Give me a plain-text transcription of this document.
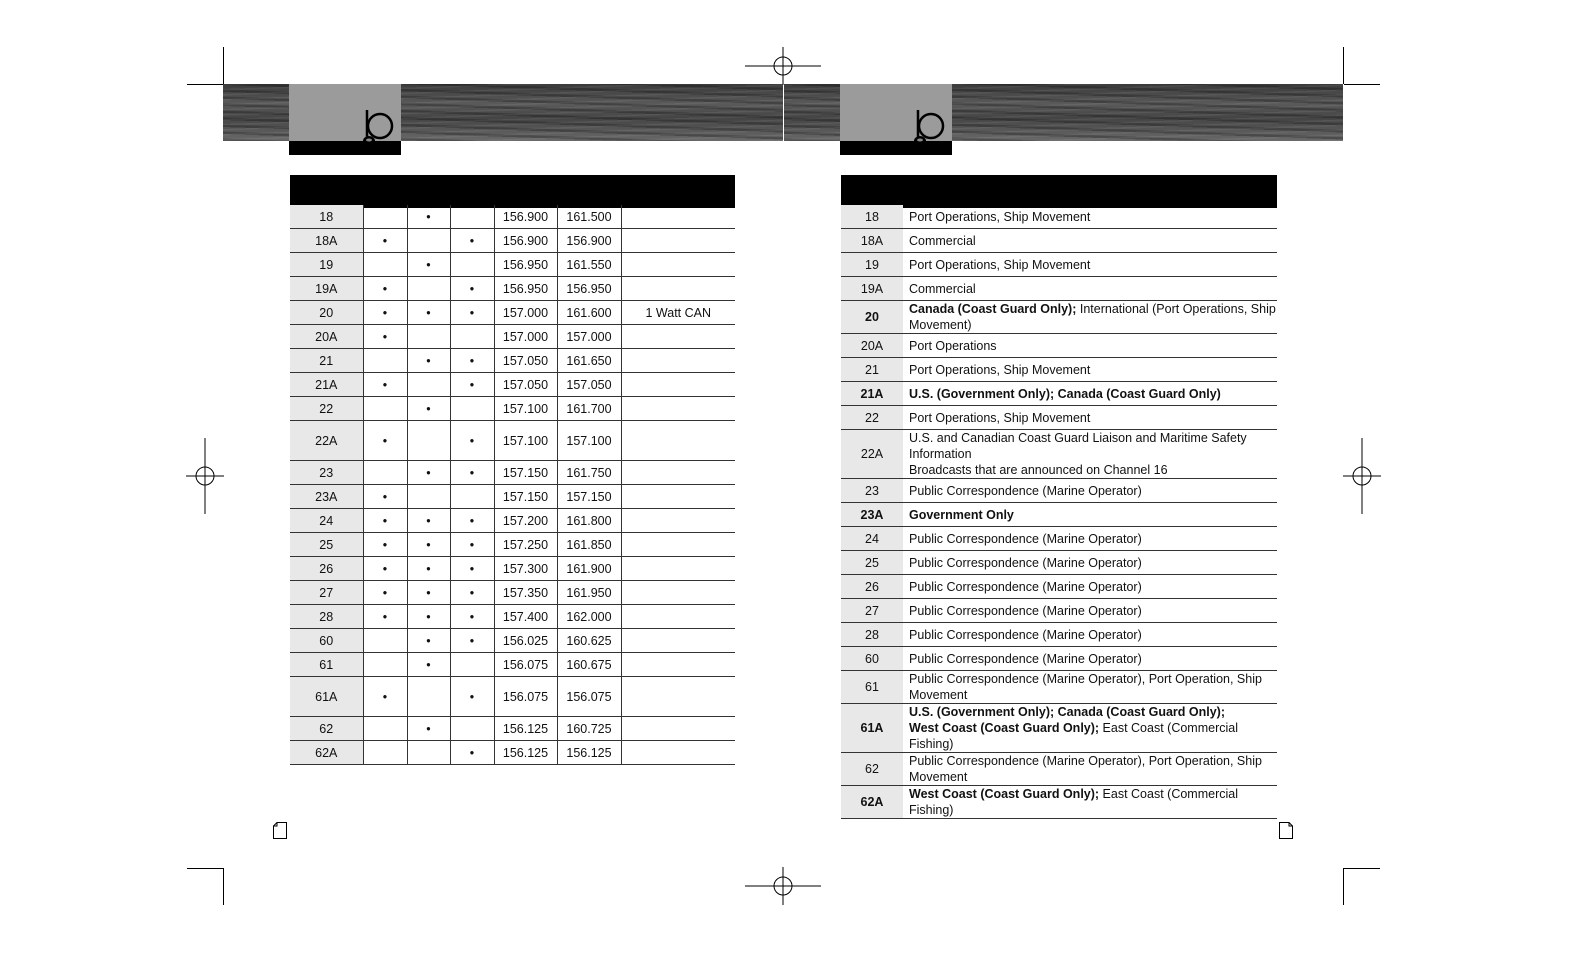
18		•		156.900	161.500	
18A	•		•	156.900	156.900	
19		•		156.950	161.550	
19A	•		•	156.950	156.950	
20	•	•	•	157.000	161.600	1 Watt CAN
20A	•			157.000	157.000	
21		•	•	157.050	161.650	
21A	•		•	157.050	157.050	
22		•		157.100	161.700	
22A	•		•	157.100	157.100	
23		•	•	157.150	161.750	
23A	•			157.150	157.150	
24	•	•	•	157.200	161.800	
25	•	•	•	157.250	161.850	
26	•	•	•	157.300	161.900	
27	•	•	•	157.350	161.950	
28	•	•	•	157.400	162.000	
60		•	•	156.025	160.625	
61		•		156.075	160.675	
61A	•		•	156.075	156.075	
62		•		156.125	160.725	
62A			•	156.125	156.125	
18	Port Operations, Ship Movement

18A	Commercial

19	Port Operations, Ship Movement

19A	Commercial

20	Canada (Coast Guard Only); International (Port Operations, Ship Movement)

20A	Port Operations

21	Port Operations, Ship Movement

21A	U.S. (Government Only); Canada (Coast Guard Only)

22	Port Operations, Ship Movement

22A	U.S. and Canadian Coast Guard Liaison and Maritime Safety Information
Broadcasts that are announced on Channel 16

23	Public Correspondence (Marine Operator)

23A	Government Only

24	Public Correspondence (Marine Operator)

25	Public Correspondence (Marine Operator)

26	Public Correspondence (Marine Operator)

27	Public Correspondence (Marine Operator)

28	Public Correspondence (Marine Operator)

60	Public Correspondence (Marine Operator)

61	Public Correspondence (Marine Operator), Port Operation, Ship Movement

61A	U.S. (Government Only); Canada (Coast Guard Only);
West Coast (Coast Guard Only); East Coast (Commercial Fishing)

62	Public Correspondence (Marine Operator), Port Operation, Ship Movement

62A	West Coast (Coast Guard Only); East Coast (Commercial Fishing)
